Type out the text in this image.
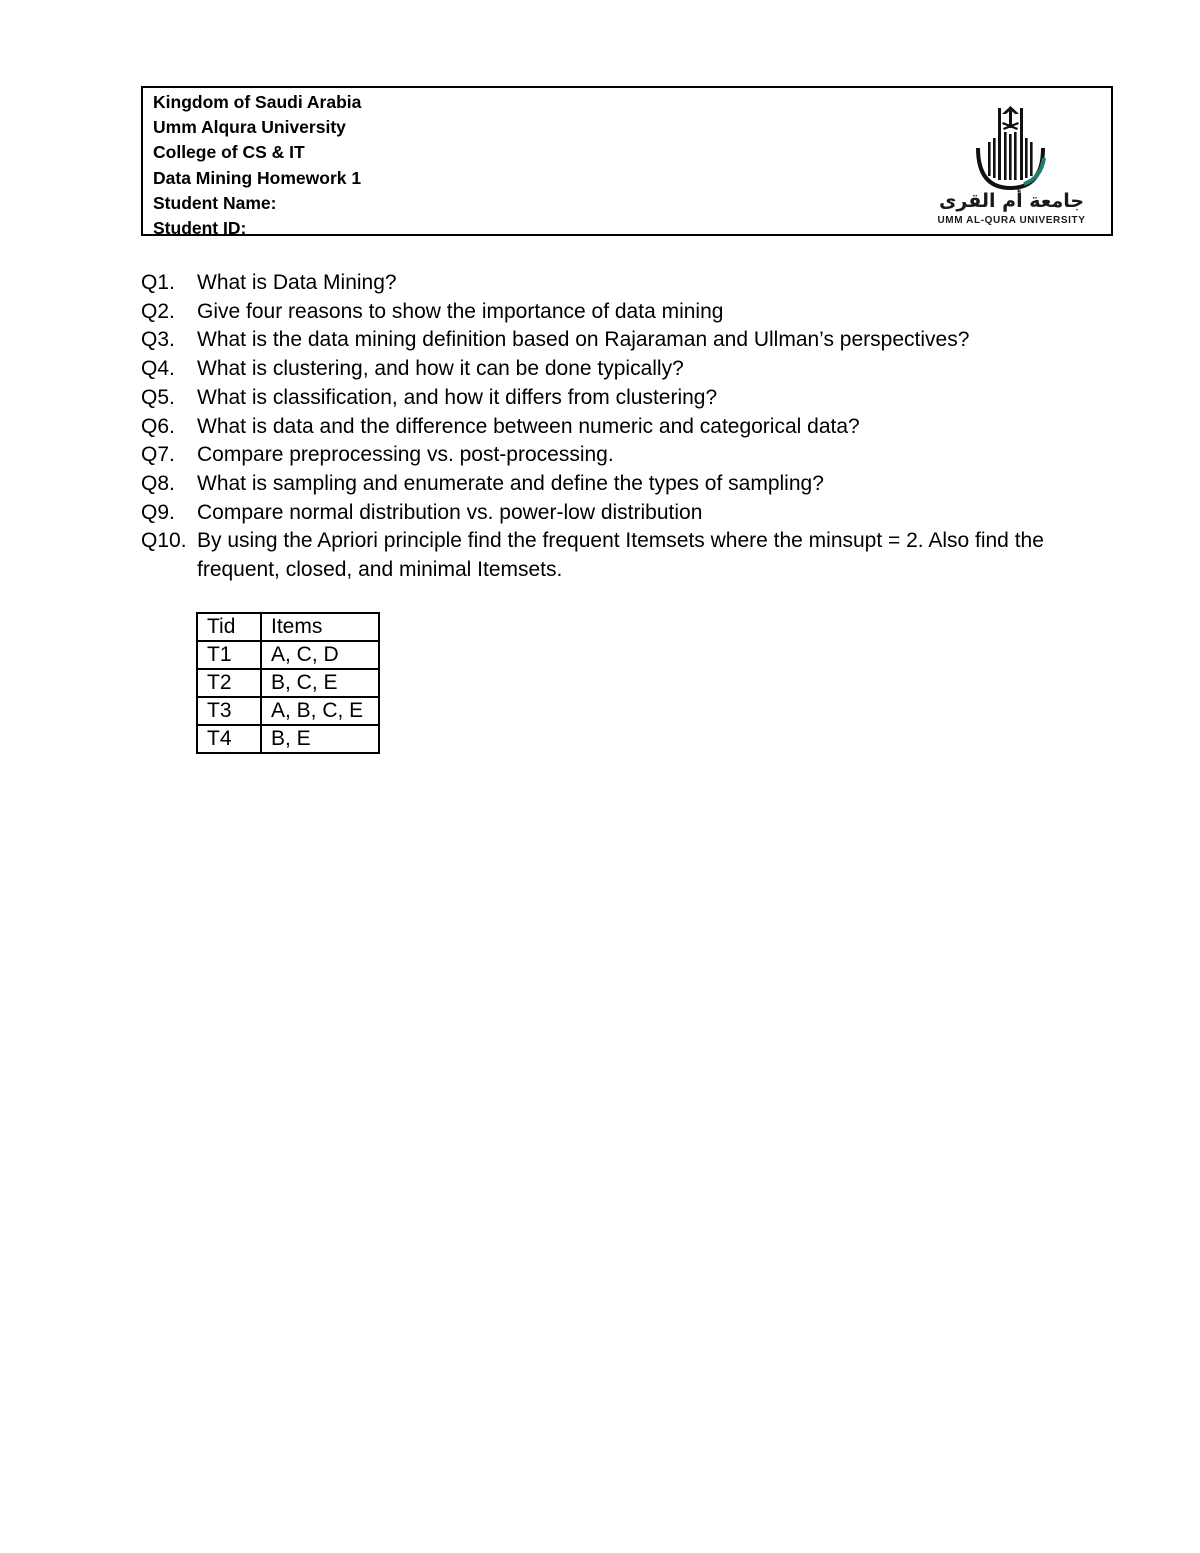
Kingdom of Saudi Arabia
Umm Alqura University
College of CS & IT
Data Mining Homework 1
Student Name:
Student ID:
جامعة أم القرى
UMM AL-QURA UNIVERSITY
Q1.	What is Data Mining?
Q2.	Give four reasons to show the importance of data mining
Q3.	What is the data mining definition based on Rajaraman and Ullman’s perspectives?
Q4.	What is clustering, and how it can be done typically?
Q5.	What is classification, and how it differs from clustering?
Q6.	What is data and the difference between numeric and categorical data?
Q7.	Compare preprocessing vs. post-processing.
Q8.	What is sampling and enumerate and define the types of sampling?
Q9.	Compare normal distribution vs. power-low distribution
Q10. By using the Apriori principle find the frequent Itemsets where the minsupt = 2. Also find the frequent, closed, and minimal Itemsets.
Tid	Items
T1	A, C, D
T2	B, C, E
T3	A, B, C, E
T4	B, E
